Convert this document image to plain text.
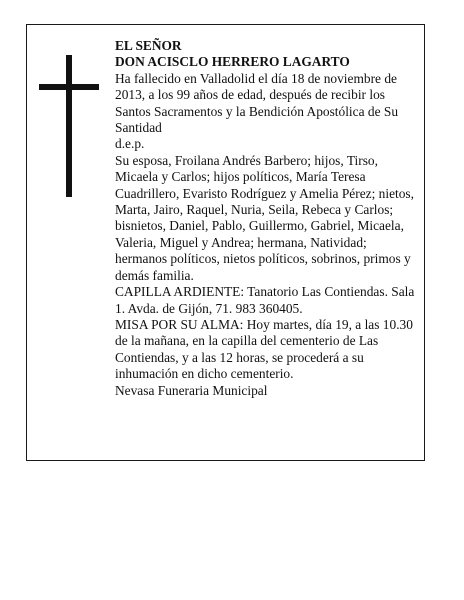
EL SEÑOR

DON ACISCLO HERRERO LAGARTO

Ha fallecido en Valladolid el día 18 de noviembre de 2013, a los 99 años de edad, después de recibir los Santos Sacramentos y la Bendición Apostólica de Su Santidad

d.e.p.

Su esposa, Froilana Andrés Barbero; hijos, Tirso, Micaela y Carlos; hijos políticos, María Teresa Cuadrillero, Evaristo Rodríguez y Amelia Pérez; nietos, Marta, Jairo, Raquel, Nuria, Seila, Rebeca y Carlos; bisnietos, Daniel, Pablo, Guillermo, Gabriel, Micaela, Valeria, Miguel y Andrea; hermana, Natividad; hermanos políticos, nietos políticos, sobrinos, primos y demás familia.

CAPILLA ARDIENTE: Tanatorio Las Contiendas. Sala 1. Avda. de Gijón, 71. 983 360405.

MISA POR SU ALMA: Hoy martes, día 19, a las 10.30 de la mañana, en la capilla del cementerio de Las Contiendas, y a las 12 horas, se procederá a su inhumación en dicho cementerio.

Nevasa Funeraria Municipal
